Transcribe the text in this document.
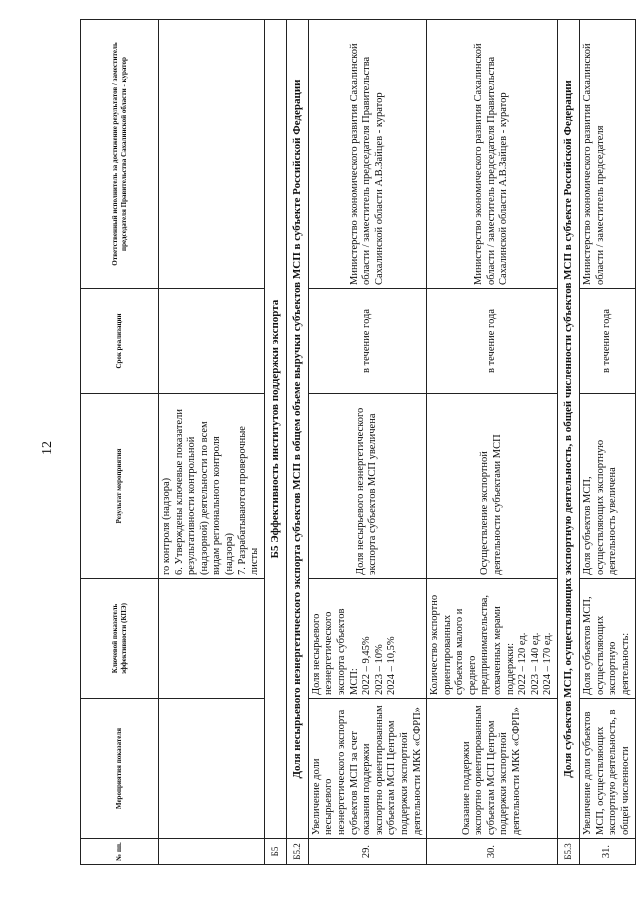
12
№ пп.	Мероприятия показателя	Ключевой показатель эффективности (КПЭ)	Результат мероприятия	Срок реализации	Ответственный исполнитель за достижение результатов / заместитель председателя Правительства Сахалинской области - куратор
			го контроля (надзора)
6. Утверждены ключевые показатели результативности контрольной (надзорной) деятельности по всем видам регионального контроля (надзора)
7. Разрабатываются проверочные листы		
Б5	Б5 Эффективность институтов поддержки экспорта				
Б5.2	Доля несырьевого неэнергетического экспорта субъектов МСП в общем объеме выручки субъектов МСП в субъекте Российской Федерации				
29.	Увеличение доли несырьевого неэнергетического экспорта субъектов МСП за счет оказания поддержки экспортно ориентированным субъектам МСП Центром поддержки экспортной деятельности МКК «СФРП»	Доля несырьевого неэнергетического экспорта субъектов МСП:
2022 – 9,45%
2023 – 10%
2024 – 10,5%	Доля несырьевого неэнергетического экспорта субъектов МСП увеличена	в течение года	Министерство экономического развития Сахалинской области / заместитель председателя Правительства Сахалинской области А.В.Зайцев - куратор
30.	Оказание поддержки экспортно ориентированным субъектам МСП Центром поддержки экспортной деятельности МКК «СФРП»	Количество экспортно ориентированных субъектов малого и среднего предпринимательства, охваченных мерами поддержки:
2022 – 120 ед.
2023 – 140 ед.
2024 – 170 ед.	Осуществление экспортной деятельности субъектами МСП	в течение года	Министерство экономического развития Сахалинской области / заместитель председателя Правительства Сахалинской области А.В.Зайцев - куратор
Б5.3	Доля субъектов МСП, осуществляющих экспортную деятельность, в общей численности субъектов МСП в субъекте Российской Федерации				
31.	Увеличение доли субъектов МСП, осуществляющих экспортную деятельность, в общей численности	Доля субъектов МСП, осуществляющих экспортную деятельность:	Доля субъектов МСП, осуществляющих экспортную деятельность увеличена	в течение года	Министерство экономического развития Сахалинской области / заместитель председателя
